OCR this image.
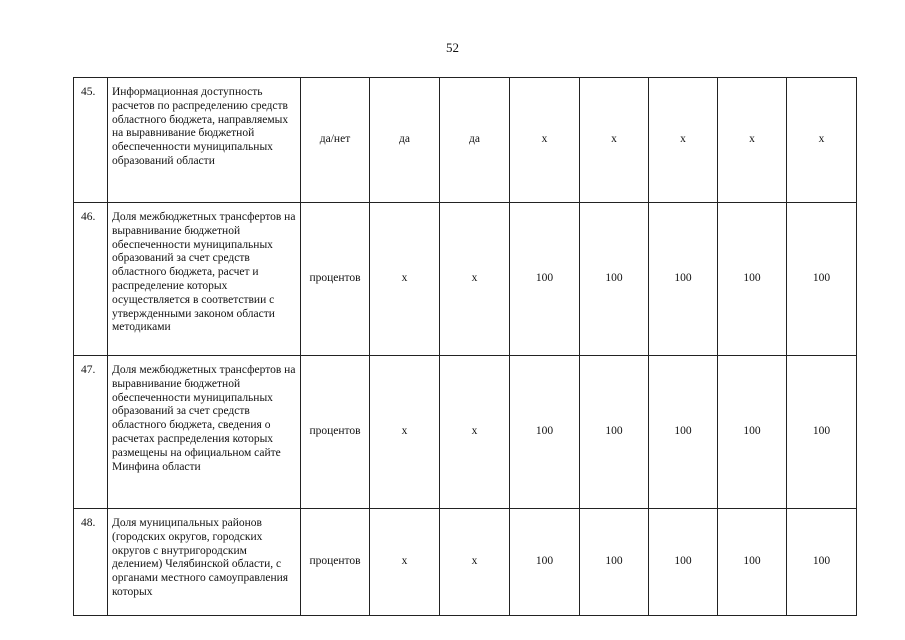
52
45.	Информационная доступность расчетов по распределению средств областного бюджета, направляемых на выравнивание бюджетной обеспеченности муниципальных образований области	да/нет	да	да	х	х	х	х	х
46.	Доля межбюджетных трансфертов на выравнивание бюджетной обеспеченности муниципальных образований за счет средств областного бюджета, расчет и распределение которых осуществляется в соответствии с утвержденными законом области методиками	процентов	х	х	100	100	100	100	100
47.	Доля межбюджетных трансфертов на выравнивание бюджетной обеспеченности муниципальных образований за счет средств областного бюджета, сведения о расчетах распределения которых размещены на официальном сайте Минфина области	процентов	х	х	100	100	100	100	100
48.	Доля муниципальных районов (городских округов, городских округов с внутригородским делением) Челябинской области, с органами местного самоуправления которых	процентов	х	х	100	100	100	100	100
